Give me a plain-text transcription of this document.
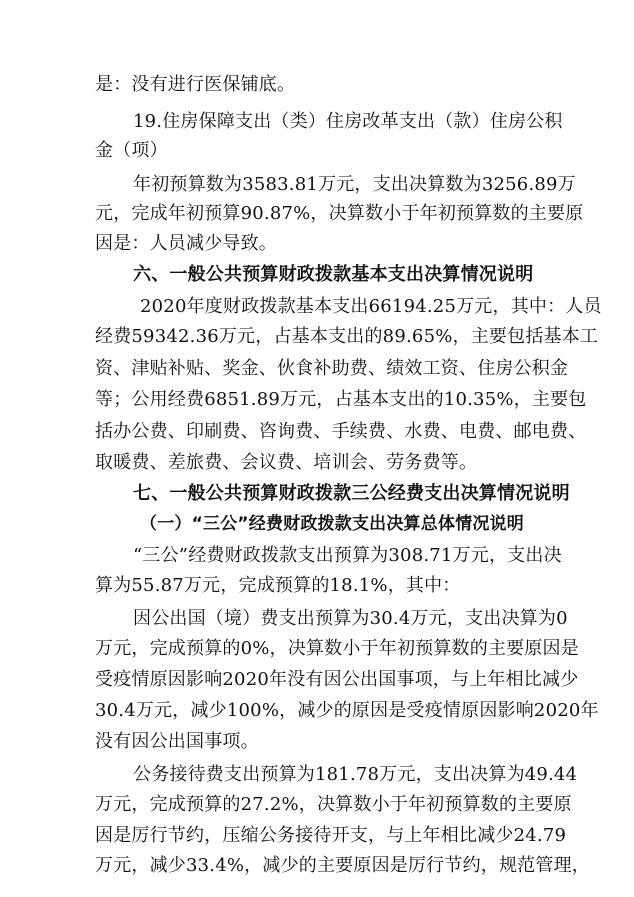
是：没有进行医保铺底。
19.住房保障支出（类）住房改革支出（款）住房公积
金（项）
年初预算数为3583.81万元，支出决算数为3256.89万
元，完成年初预算90.87%，决算数小于年初预算数的主要原
因是：人员减少导致。
六、一般公共预算财政拨款基本支出决算情况说明
2020年度财政拨款基本支出66194.25万元，其中：人员
经费59342.36万元，占基本支出的89.65%，主要包括基本工
资、津贴补贴、奖金、伙食补助费、绩效工资、住房公积金
等；公用经费6851.89万元，占基本支出的10.35%，主要包
括办公费、印刷费、咨询费、手续费、水费、电费、邮电费、
取暖费、差旅费、会议费、培训会、劳务费等。
七、一般公共预算财政拨款三公经费支出决算情况说明
（一）“三公”经费财政拨款支出决算总体情况说明
“三公”经费财政拨款支出预算为308.71万元，支出决
算为55.87万元，完成预算的18.1%，其中：
因公出国（境）费支出预算为30.4万元，支出决算为0
万元，完成预算的0%，决算数小于年初预算数的主要原因是
受疫情原因影响2020年没有因公出国事项，与上年相比减少
30.4万元，减少100%，减少的原因是受疫情原因影响2020年
没有因公出国事项。
公务接待费支出预算为181.78万元，支出决算为49.44
万元，完成预算的27.2%，决算数小于年初预算数的主要原
因是厉行节约，压缩公务接待开支，与上年相比减少24.79
万元，减少33.4%，减少的主要原因是厉行节约，规范管理，
